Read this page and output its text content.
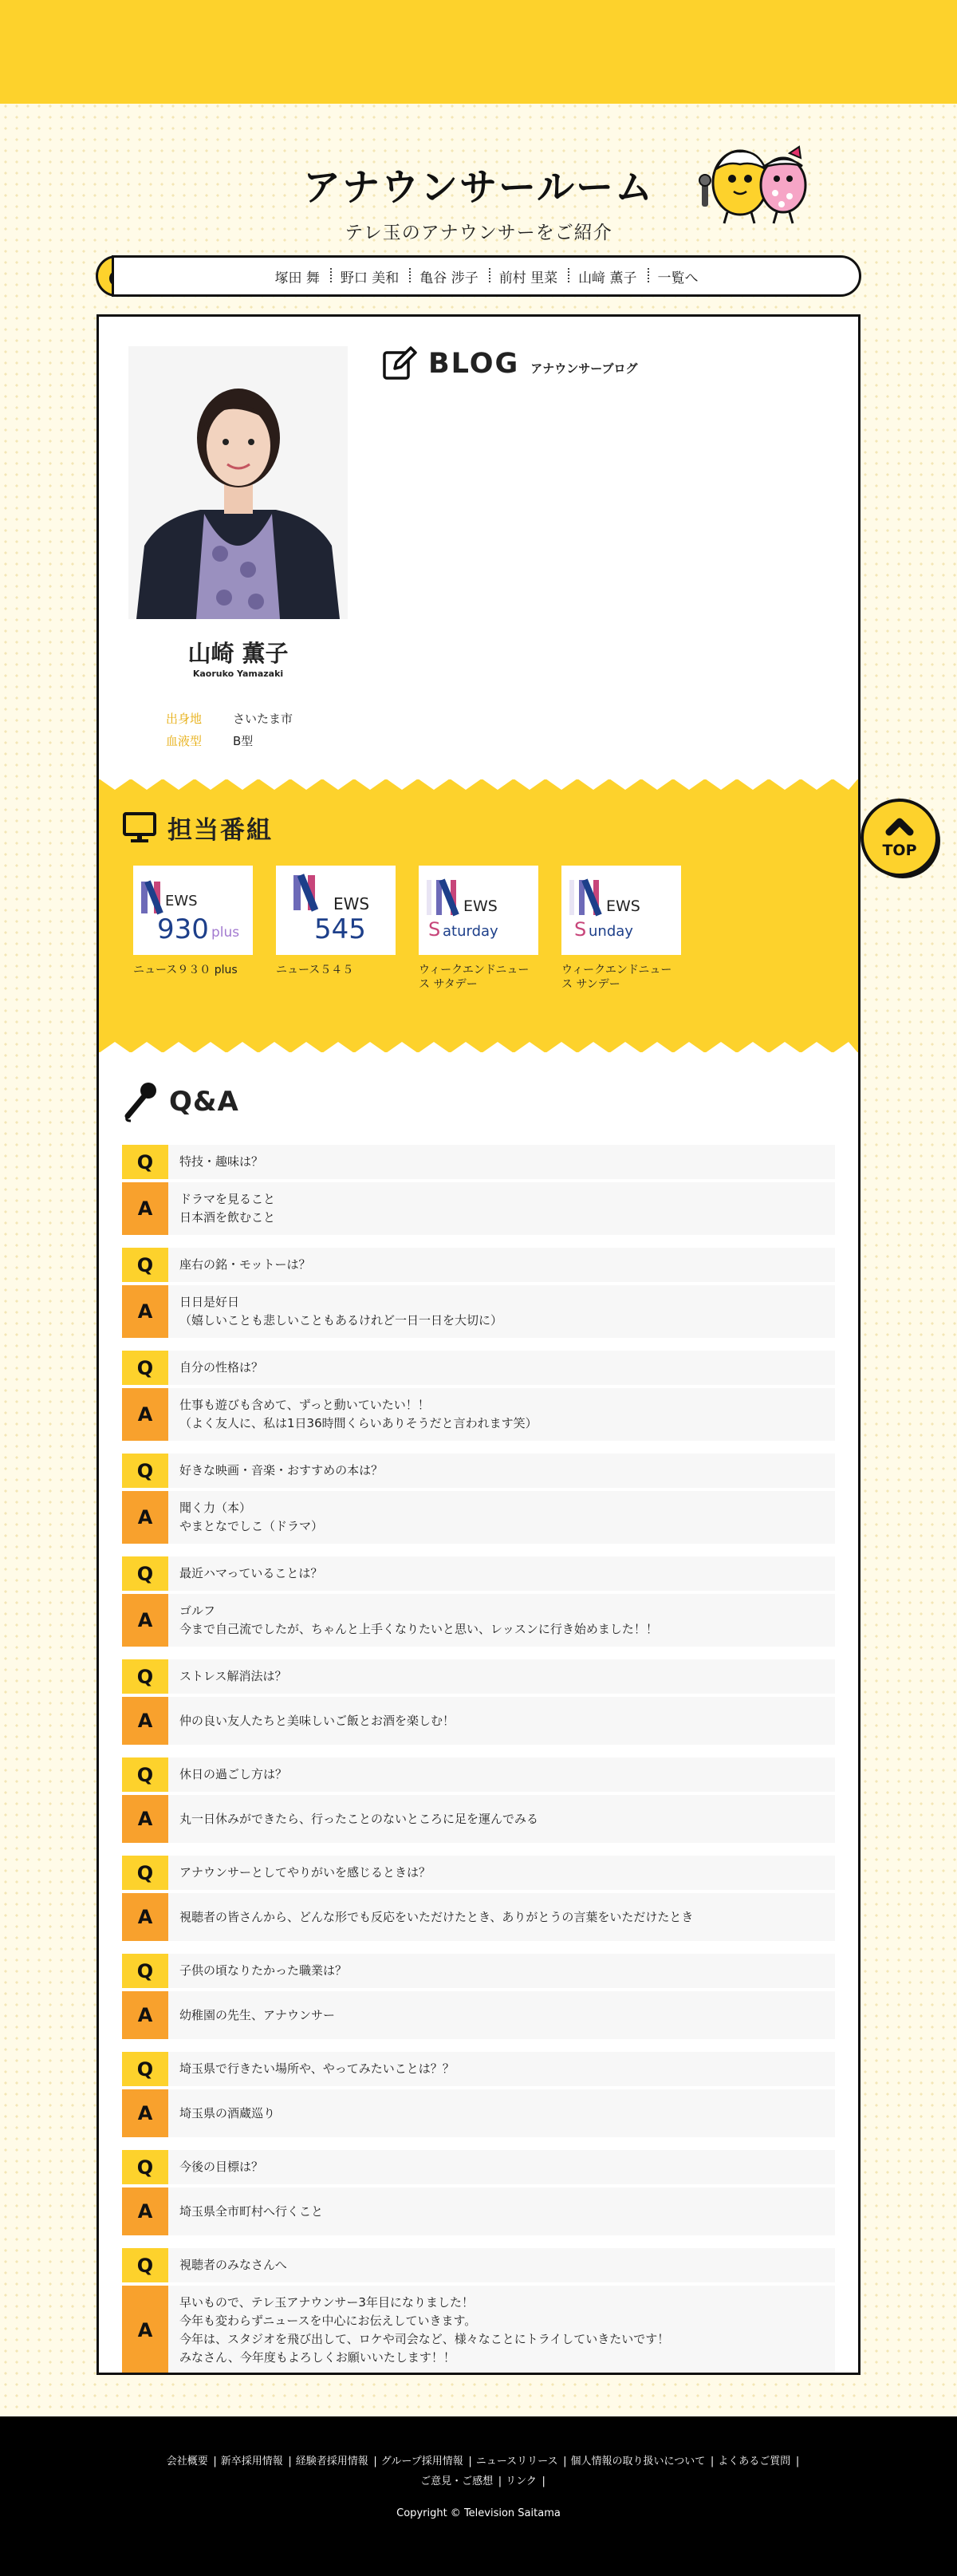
アナウンサールーム
テレ玉のアナウンサーをご紹介
塚田 舞	野口 美和	亀谷 涉子	前村 里菜	山﨑 薫子	一覧へ
山崎 薫子
Kaoruko Yamazaki
出身地	さいたま市
血液型	B型
BLOG アナウンサーブログ
担当番組
EWS
930 plus
ニュース９３０ plus
EWS
545
ニュース５４５
EWS
S aturday
ウィークエンドニュース サタデー
EWS
S unday
ウィークエンドニュース サンデー
Q&A
Q	特技・趣味は？
A	ドラマを見ること
日本酒を飲むこと
Q	座右の銘・モットーは？
A	日日是好日
（嬉しいことも悲しいこともあるけれど一日一日を大切に）
Q	自分の性格は？
A	仕事も遊びも含めて、ずっと動いていたい！！
（よく友人に、私は1日36時間くらいありそうだと言われます笑）
Q	好きな映画・音楽・おすすめの本は？
A	聞く力（本）
やまとなでしこ（ドラマ）
Q	最近ハマっていることは？
A	ゴルフ
今まで自己流でしたが、ちゃんと上手くなりたいと思い、レッスンに行き始めました！！
Q	ストレス解消法は？
A	仲の良い友人たちと美味しいご飯とお酒を楽しむ！
Q	休日の過ごし方は？
A	丸一日休みができたら、行ったことのないところに足を運んでみる
Q	アナウンサーとしてやりがいを感じるときは？
A	視聴者の皆さんから、どんな形でも反応をいただけたとき、ありがとうの言葉をいただけたとき
Q	子供の頃なりたかった職業は？
A	幼稚園の先生、アナウンサー
Q	埼玉県で行きたい場所や、やってみたいことは？？
A	埼玉県の酒蔵巡り
Q	今後の目標は？
A	埼玉県全市町村へ行くこと
Q	視聴者のみなさんへ
A
早いもので、テレ玉アナウンサー3年目になりました！
今年も変わらずニュースを中心にお伝えしていきます。
今年は、スタジオを飛び出して、ロケや司会など、様々なことにトライしていきたいです！
みなさん、今年度もよろしくお願いいたします！！
TOP
会社概要 | 新卒採用情報 | 経験者採用情報 | グループ採用情報 | ニュースリリース | 個人情報の取り扱いについて | よくあるご質問 |ご意見・ご感想 | リンク |
Copyright © Television Saitama
